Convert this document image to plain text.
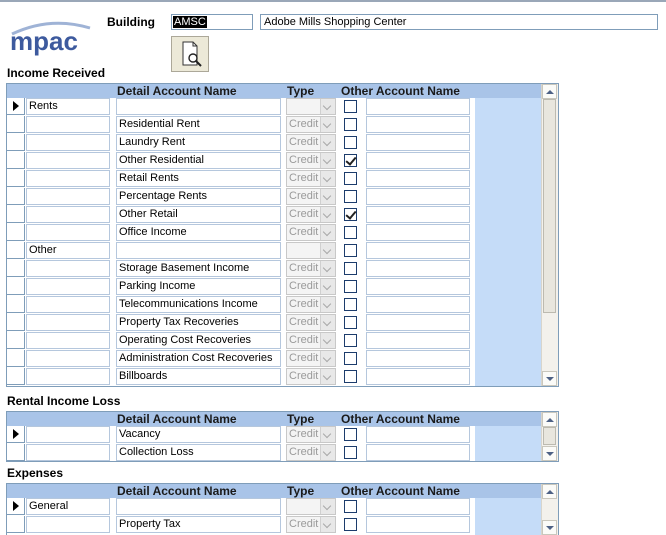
mpac
Building AMSC	Adobe Mills Shopping Center
Income Received
Detail Account Name	Type Other Account Name
Rents
Residential Rent	Credit
Laundry Rent	Credit
Other Residential	Credit
Retail Rents	Credit
Percentage Rents	Credit
Other Retail	Credit
Office Income	Credit
Other
Storage Basement Income	Credit
Parking Income	Credit
Telecommunications Income	Credit
Property Tax Recoveries	Credit
Operating Cost Recoveries	Credit
Administration Cost Recoveries	Credit
Billboards	Credit
Rental Income Loss
Detail Account Name	Type Other Account Name
Vacancy	Credit
Collection Loss	Credit
Expenses
Detail Account Name	Type Other Account Name
General
Property Tax	Credit
